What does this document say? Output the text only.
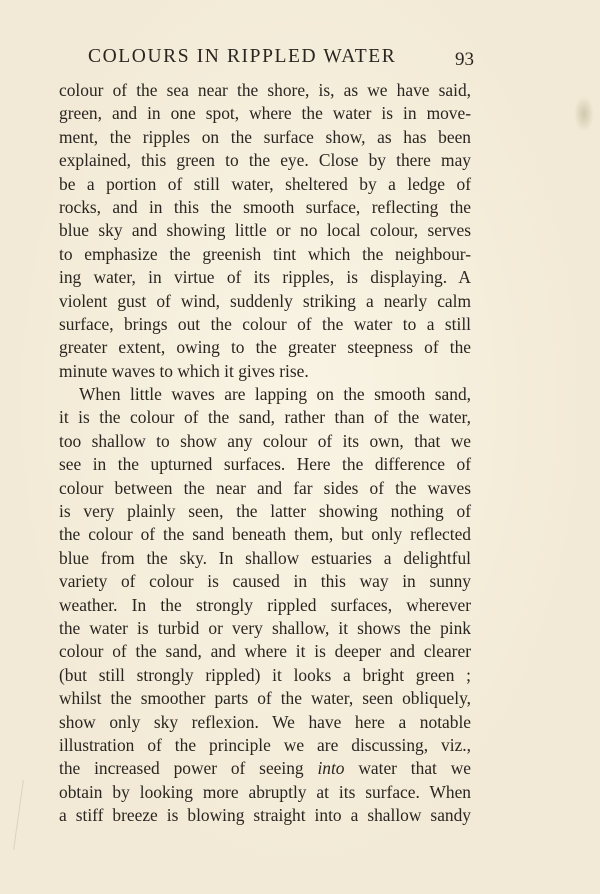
COLOURS IN RIPPLED WATER	93
colour of the sea near the shore, is, as we have said,
green, and in one spot, where the water is in move-
ment, the ripples on the surface show, as has been
explained, this green to the eye. Close by there may
be a portion of still water, sheltered by a ledge of
rocks, and in this the smooth surface, reflecting the
blue sky and showing little or no local colour, serves
to emphasize the greenish tint which the neighbour-
ing water, in virtue of its ripples, is displaying. A
violent gust of wind, suddenly striking a nearly calm
surface, brings out the colour of the water to a still
greater extent, owing to the greater steepness of the
minute waves to which it gives rise.
When little waves are lapping on the smooth sand,
it is the colour of the sand, rather than of the water,
too shallow to show any colour of its own, that we
see in the upturned surfaces. Here the difference of
colour between the near and far sides of the waves
is very plainly seen, the latter showing nothing of
the colour of the sand beneath them, but only reflected
blue from the sky. In shallow estuaries a delightful
variety of colour is caused in this way in sunny
weather. In the strongly rippled surfaces, wherever
the water is turbid or very shallow, it shows the pink
colour of the sand, and where it is deeper and clearer
(but still strongly rippled) it looks a bright green ;
whilst the smoother parts of the water, seen obliquely,
show only sky reflexion. We have here a notable
illustration of the principle we are discussing, viz.,
the increased power of seeing into water that we
obtain by looking more abruptly at its surface. When
a stiff breeze is blowing straight into a shallow sandy
